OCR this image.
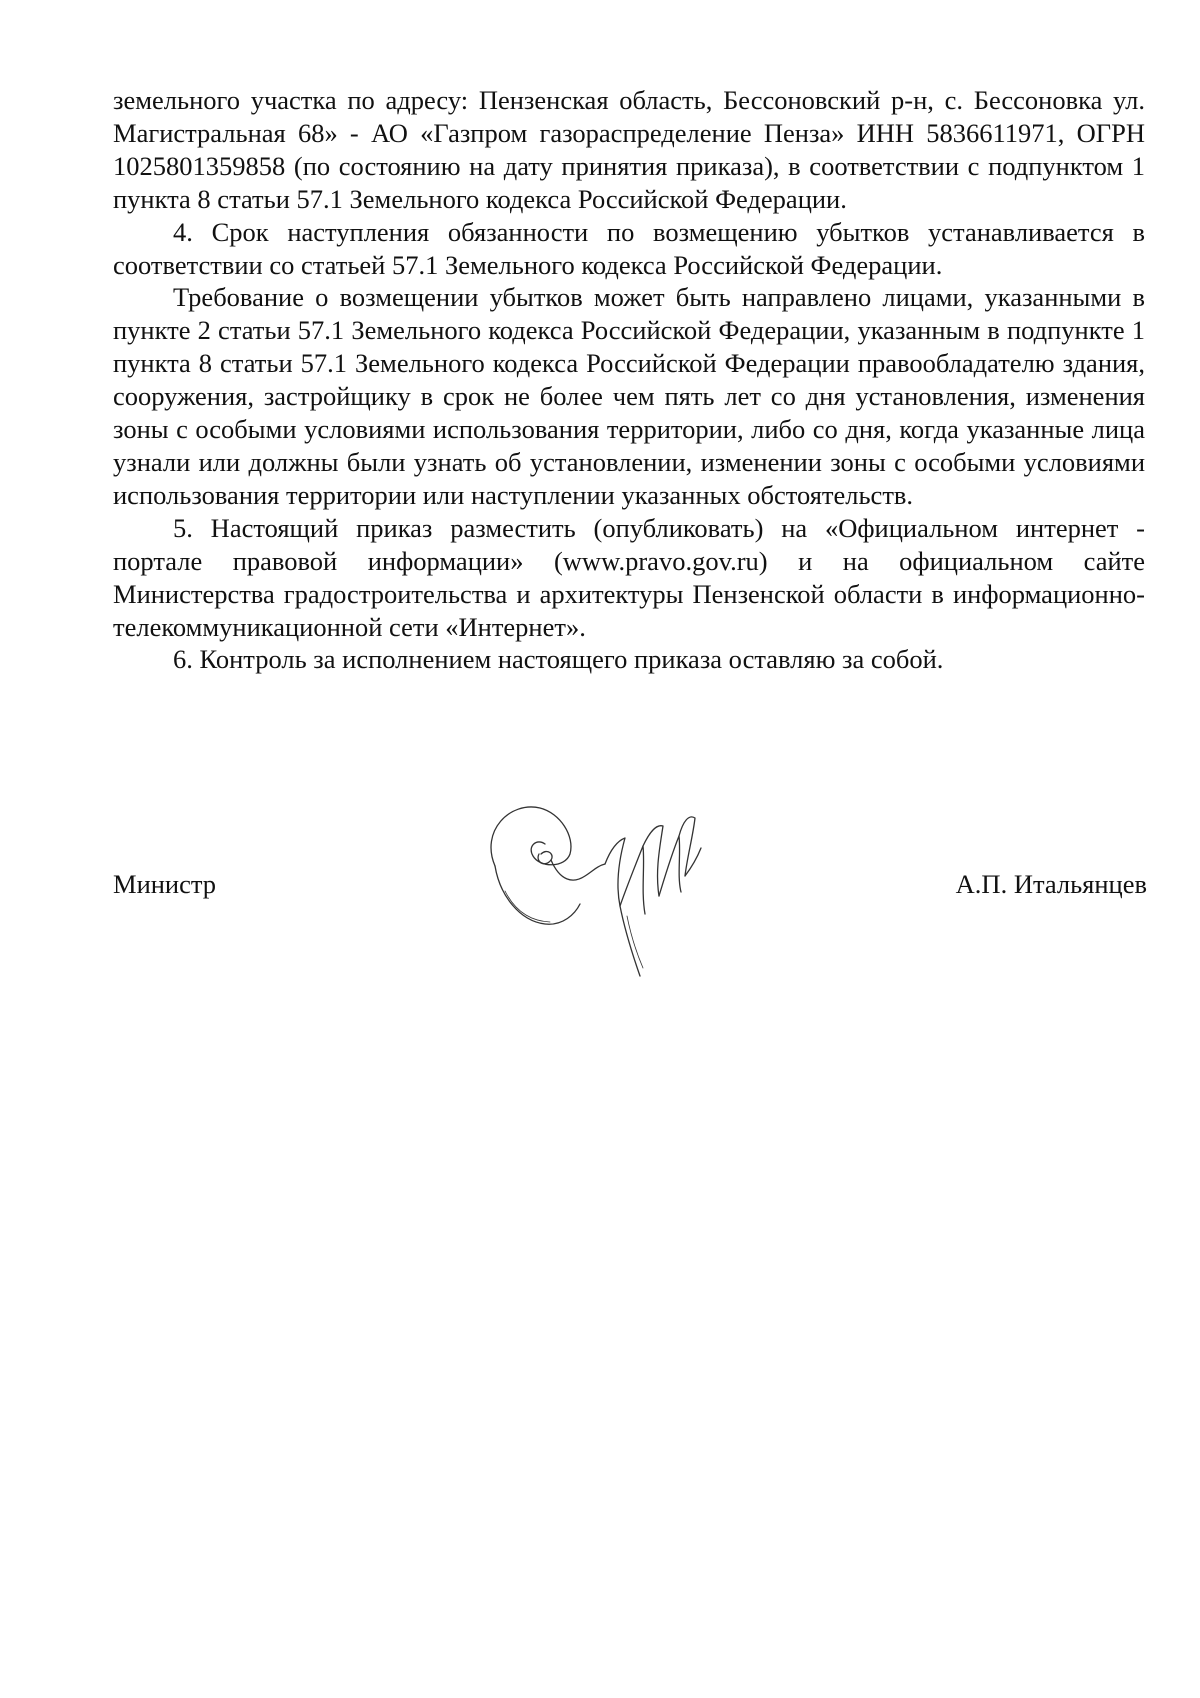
земельного участка по адресу: Пензенская область, Бессоновский р-н, с. Бессоновка ул. Магистральная 68» - АО «Газпром газораспределение Пенза» ИНН 5836611971, ОГРН 1025801359858 (по состоянию на дату принятия приказа), в соответствии с подпунктом 1 пункта 8 статьи 57.1 Земельного кодекса Российской Федерации.

4. Срок наступления обязанности по возмещению убытков устанавливается в соответствии со статьей 57.1 Земельного кодекса Российской Федерации.

Требование о возмещении убытков может быть направлено лицами, указанными в пункте 2 статьи 57.1 Земельного кодекса Российской Федерации, указанным в подпункте 1 пункта 8 статьи 57.1 Земельного кодекса Российской Федерации правообладателю здания, сооружения, застройщику в срок не более чем пять лет со дня установления, изменения зоны с особыми условиями использования территории, либо со дня, когда указанные лица узнали или должны были узнать об установлении, изменении зоны с особыми условиями использования территории или наступлении указанных обстоятельств.

5. Настоящий приказ разместить (опубликовать) на «Официальном интернет - портале правовой информации» (www.pravo.gov.ru) и на официальном сайте Министерства градостроительства и архитектуры Пензенской области в информационно-телекоммуникационной сети «Интернет».

6. Контроль за исполнением настоящего приказа оставляю за собой.

Министр	А.П. Итальянцев
